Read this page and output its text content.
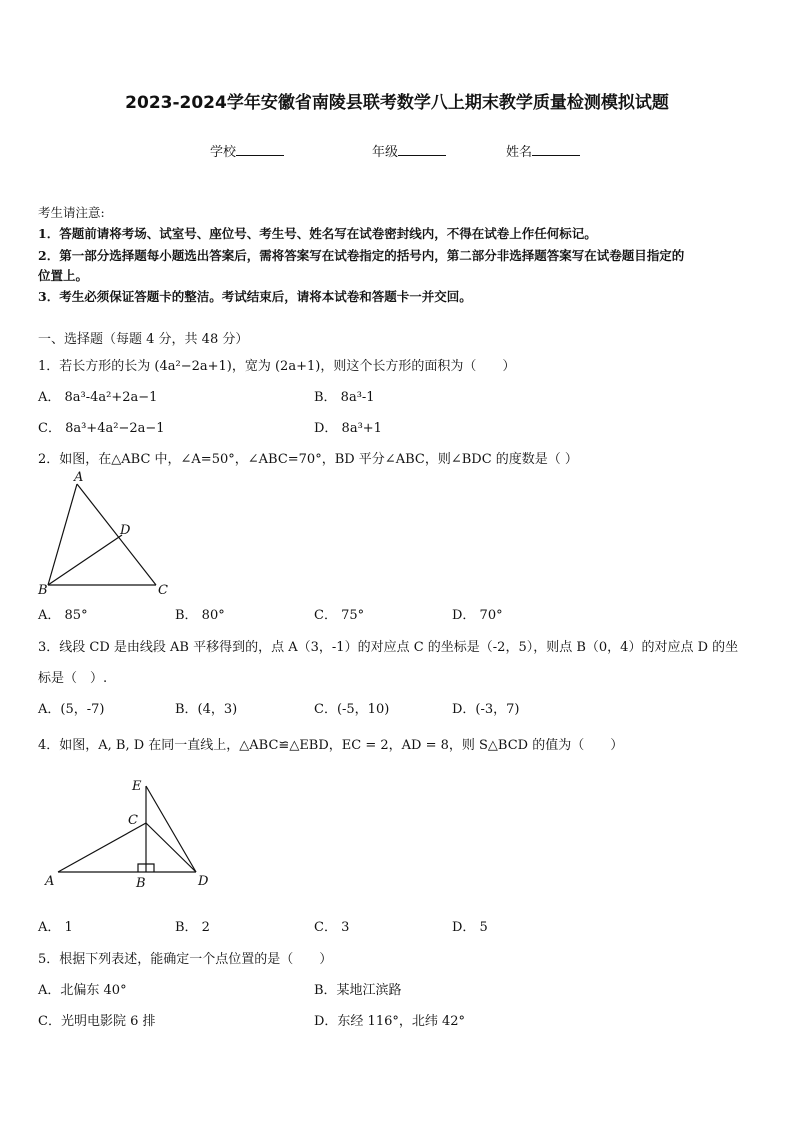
2023-2024学年安徽省南陵县联考数学八上期末教学质量检测模拟试题
学校	年级	姓名
考生请注意:
1．答题前请将考场、试室号、座位号、考生号、姓名写在试卷密封线内，不得在试卷上作任何标记。
2．第一部分选择题每小题选出答案后，需将答案写在试卷指定的括号内，第二部分非选择题答案写在试卷题目指定的
位置上。
3．考生必须保证答题卡的整洁。考试结束后，请将本试卷和答题卡一并交回。
一、选择题（每题 4 分，共 48 分）
1．若长方形的长为 (4a²−2a+1)，宽为 (2a+1)，则这个长方形的面积为（　　）
A． 8a³-4a²+2a−1	B． 8a³-1
C． 8a³+4a²−2a−1	D． 8a³+1
2．如图，在△ABC 中，∠A=50°，∠ABC=70°，BD 平分∠ABC，则∠BDC 的度数是（ ）
A
B	C
D
A． 85°	B． 80°	C． 75°	D． 70°
3．线段 CD 是由线段 AB 平移得到的，点 A（3，-1）的对应点 C 的坐标是（-2，5），则点 B（0，4）的对应点 D 的坐
标是（　）.
A．(5，-7)	B．(4，3)	C．(-5，10)	D．(-3，7)
4．如图，A, B, D 在同一直线上，△ABC≌△EBD，EC = 2，AD = 8，则 S△BCD 的值为（　　）
E
C
A	B	D
A． 1	B． 2	C． 3	D． 5
5．根据下列表述，能确定一个点位置的是（　　）
A．北偏东 40°	B．某地江滨路
C．光明电影院 6 排	D．东经 116°，北纬 42°
